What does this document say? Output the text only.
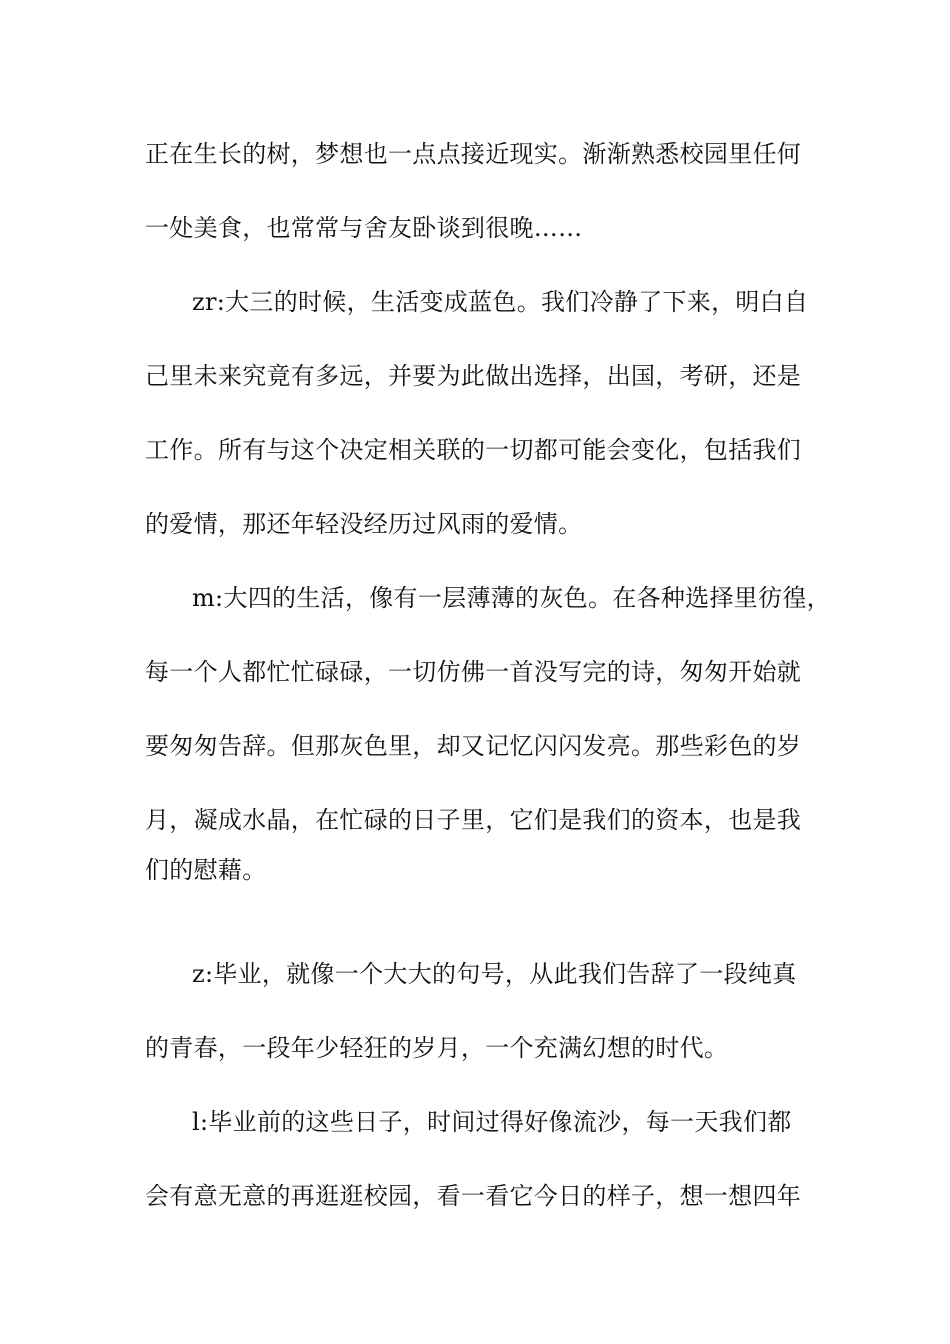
正在生长的树，梦想也一点点接近现实。渐渐熟悉校园里任何
一处美食，也常常与舍友卧谈到很晚……
zr:大三的时候，生活变成蓝色。我们冷静了下来，明白自
己里未来究竟有多远，并要为此做出选择，出国，考研，还是
工作。所有与这个决定相关联的一切都可能会变化，包括我们
的爱情，那还年轻没经历过风雨的爱情。
m:大四的生活，像有一层薄薄的灰色。在各种选择里彷徨，
每一个人都忙忙碌碌，一切仿佛一首没写完的诗，匆匆开始就
要匆匆告辞。但那灰色里，却又记忆闪闪发亮。那些彩色的岁
月，凝成水晶，在忙碌的日子里，它们是我们的资本，也是我
们的慰藉。
z:毕业，就像一个大大的句号，从此我们告辞了一段纯真
的青春，一段年少轻狂的岁月，一个充满幻想的时代。
l:毕业前的这些日子，时间过得好像流沙，每一天我们都
会有意无意的再逛逛校园，看一看它今日的样子，想一想四年
